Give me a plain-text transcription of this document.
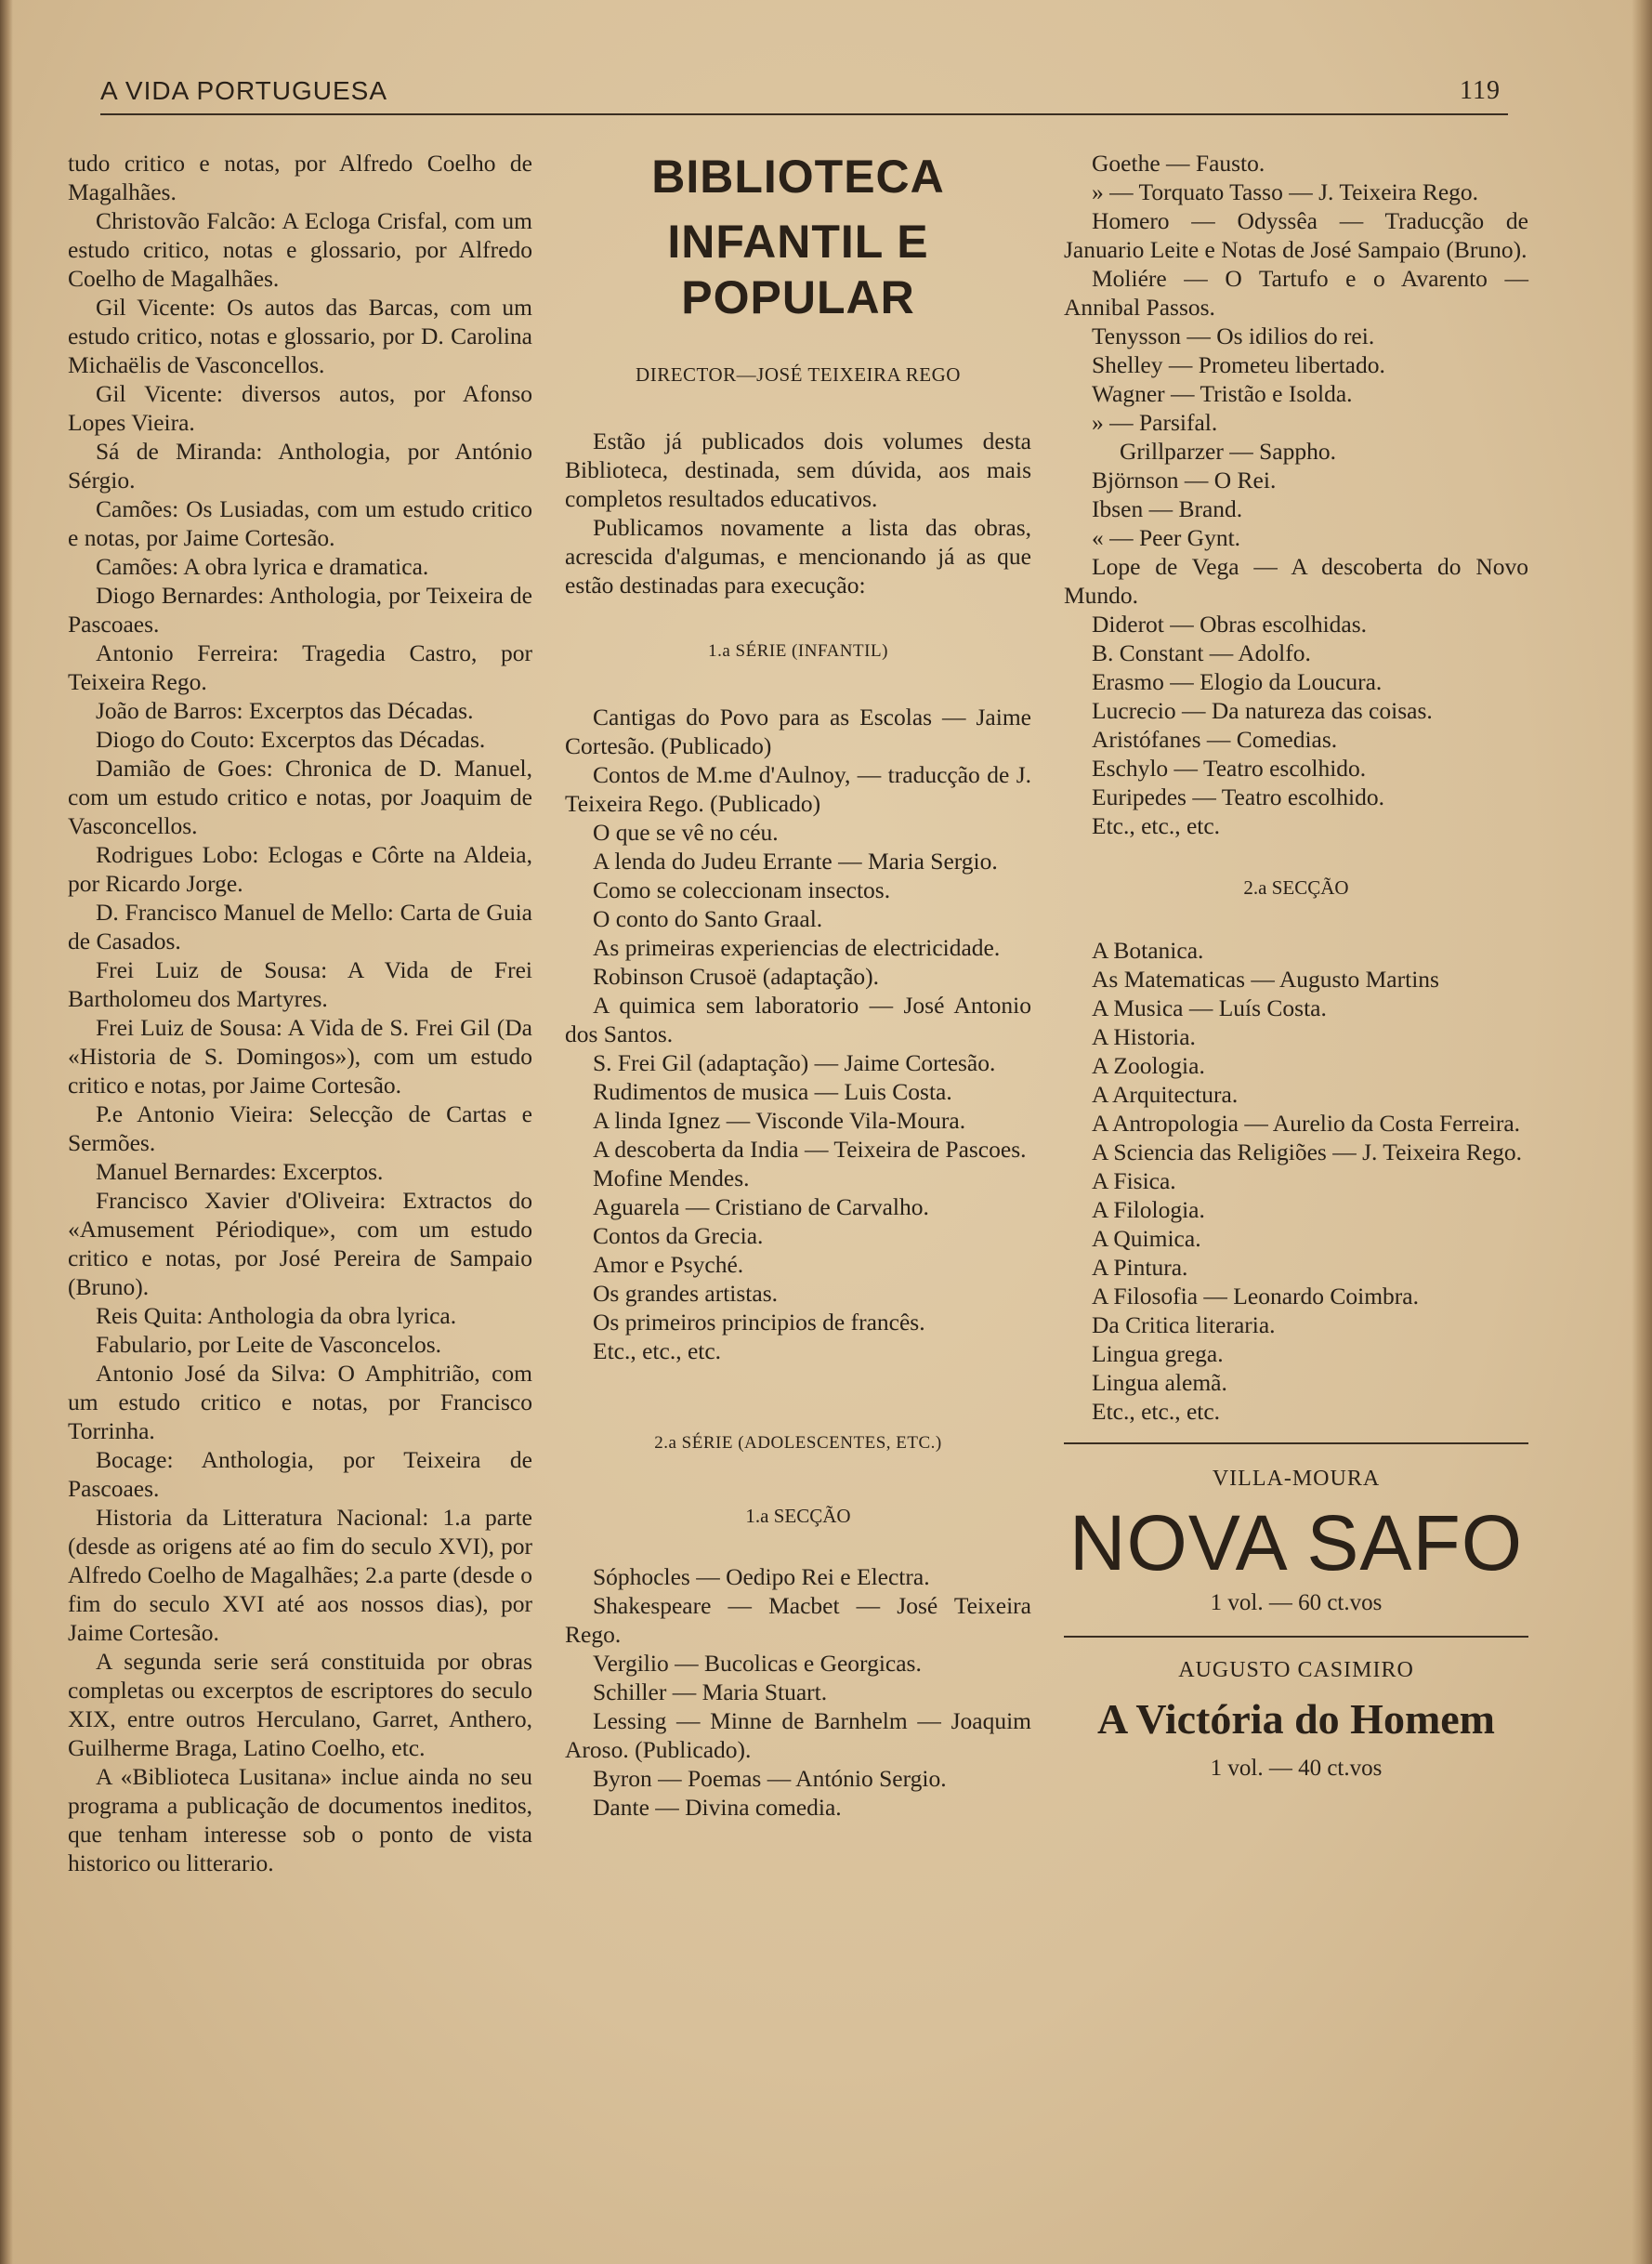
A VIDA PORTUGUESA	119

tudo critico e notas, por Alfredo Coelho de Magalhães.

Christovão Falcão: A Ecloga Crisfal, com um estudo critico, notas e glossario, por Alfredo Coelho de Magalhães.

Gil Vicente: Os autos das Barcas, com um estudo critico, notas e glossario, por D. Carolina Michaëlis de Vasconcellos.

Gil Vicente: diversos autos, por Afonso Lopes Vieira.

Sá de Miranda: Anthologia, por António Sérgio.

Camões: Os Lusiadas, com um estudo critico e notas, por Jaime Cortesão.

Camões: A obra lyrica e dramatica.

Diogo Bernardes: Anthologia, por Teixeira de Pascoaes.

Antonio Ferreira: Tragedia Castro, por Teixeira Rego.

João de Barros: Excerptos das Décadas.

Diogo do Couto: Excerptos das Décadas.

Damião de Goes: Chronica de D. Manuel, com um estudo critico e notas, por Joaquim de Vasconcellos.

Rodrigues Lobo: Eclogas e Côrte na Aldeia, por Ricardo Jorge.

D. Francisco Manuel de Mello: Carta de Guia de Casados.

Frei Luiz de Sousa: A Vida de Frei Bartholomeu dos Martyres.

Frei Luiz de Sousa: A Vida de S. Frei Gil (Da «Historia de S. Domingos»), com um estudo critico e notas, por Jaime Cortesão.

P.e Antonio Vieira: Selecção de Cartas e Sermões.

Manuel Bernardes: Excerptos.

Francisco Xavier d'Oliveira: Extractos do «Amusement Périodique», com um estudo critico e notas, por José Pereira de Sampaio (Bruno).

Reis Quita: Anthologia da obra lyrica.

Fabulario, por Leite de Vasconcelos.

Antonio José da Silva: O Amphitrião, com um estudo critico e notas, por Francisco Torrinha.

Bocage: Anthologia, por Teixeira de Pascoaes.

Historia da Litteratura Nacional: 1.a parte (desde as origens até ao fim do seculo XVI), por Alfredo Coelho de Magalhães; 2.a parte (desde o fim do seculo XVI até aos nossos dias), por Jaime Cortesão.

A segunda serie será constituida por obras completas ou excerptos de escriptores do seculo XIX, entre outros Herculano, Garret, Anthero, Guilherme Braga, Latino Coelho, etc.

A «Biblioteca Lusitana» inclue ainda no seu programa a publicação de documentos ineditos, que tenham interesse sob o ponto de vista historico ou litterario.

BIBLIOTECA
INFANTIL E POPULAR
DIRECTOR—JOSÉ TEIXEIRA REGO

Estão já publicados dois volumes desta Biblioteca, destinada, sem dúvida, aos mais completos resultados educativos.

Publicamos novamente a lista das obras, acrescida d'algumas, e mencionando já as que estão destinadas para execução:

1.a SÉRIE (INFANTIL)

Cantigas do Povo para as Escolas — Jaime Cortesão. (Publicado)

Contos de M.me d'Aulnoy, — traducção de J. Teixeira Rego. (Publicado)

O que se vê no céu.

A lenda do Judeu Errante — Maria Sergio.

Como se coleccionam insectos.

O conto do Santo Graal.

As primeiras experiencias de electricidade.

Robinson Crusoë (adaptação).

A quimica sem laboratorio — José Antonio dos Santos.

S. Frei Gil (adaptação) — Jaime Cortesão.

Rudimentos de musica — Luis Costa.

A linda Ignez — Visconde Vila-Moura.

A descoberta da India — Teixeira de Pascoes.

Mofine Mendes.

Aguarela — Cristiano de Carvalho.

Contos da Grecia.

Amor e Psyché.

Os grandes artistas.

Os primeiros principios de francês.

Etc., etc., etc.

2.a SÉRIE (ADOLESCENTES, ETC.)
1.a SECÇÃO

Sóphocles — Oedipo Rei e Electra.

Shakespeare — Macbet — José Teixeira Rego.

Vergilio — Bucolicas e Georgicas.

Schiller — Maria Stuart.

Lessing — Minne de Barnhelm — Joaquim Aroso. (Publicado).

Byron — Poemas — António Sergio.

Dante — Divina comedia.

Goethe — Fausto.

» — Torquato Tasso — J. Teixeira Rego.

Homero — Odyssêa — Traducção de Januario Leite e Notas de José Sampaio (Bruno).

Moliére — O Tartufo e o Avarento — Annibal Passos.

Tenysson — Os idilios do rei.

Shelley — Prometeu libertado.

Wagner — Tristão e Isolda.

» — Parsifal.

Grillparzer — Sappho.

Björnson — O Rei.

Ibsen — Brand.

« — Peer Gynt.

Lope de Vega — A descoberta do Novo Mundo.

Diderot — Obras escolhidas.

B. Constant — Adolfo.

Erasmo — Elogio da Loucura.

Lucrecio — Da natureza das coisas.

Aristófanes — Comedias.

Eschylo — Teatro escolhido.

Euripedes — Teatro escolhido.

Etc., etc., etc.

2.a SECÇÃO

A Botanica.

As Matematicas — Augusto Martins

A Musica — Luís Costa.

A Historia.

A Zoologia.

A Arquitectura.

A Antropologia — Aurelio da Costa Ferreira.

A Sciencia das Religiões — J. Teixeira Rego.

A Fisica.

A Filologia.

A Quimica.

A Pintura.

A Filosofia — Leonardo Coimbra.

Da Critica literaria.

Lingua grega.

Lingua alemã.

Etc., etc., etc.

VILLA-MOURA
NOVA SAFO
1 vol. — 60 ct.vos
AUGUSTO CASIMIRO
A Victória do Homem
1 vol. — 40 ct.vos
